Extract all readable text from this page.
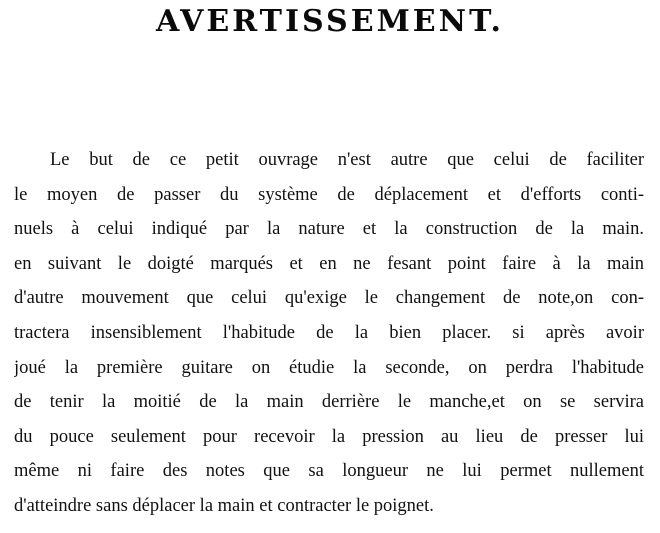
AVERTISSEMENT.
Le but de ce petit ouvrage n'est autre que celui de faciliter
le moyen de passer du système de déplacement et d'efforts conti-
nuels à celui indiqué par la nature et la construction de la main.
en suivant le doigté marqués et en ne fesant point faire à la main
d'autre mouvement que celui qu'exige le changement de note,on con-
tractera insensiblement l'habitude de la bien placer. si après avoir
joué la première guitare on étudie la seconde, on perdra l'habitude
de tenir la moitié de la main derrière le manche,et on se servira
du pouce seulement pour recevoir la pression au lieu de presser lui
même ni faire des notes que sa longueur ne lui permet nullement
d'atteindre sans déplacer la main et contracter le poignet.
